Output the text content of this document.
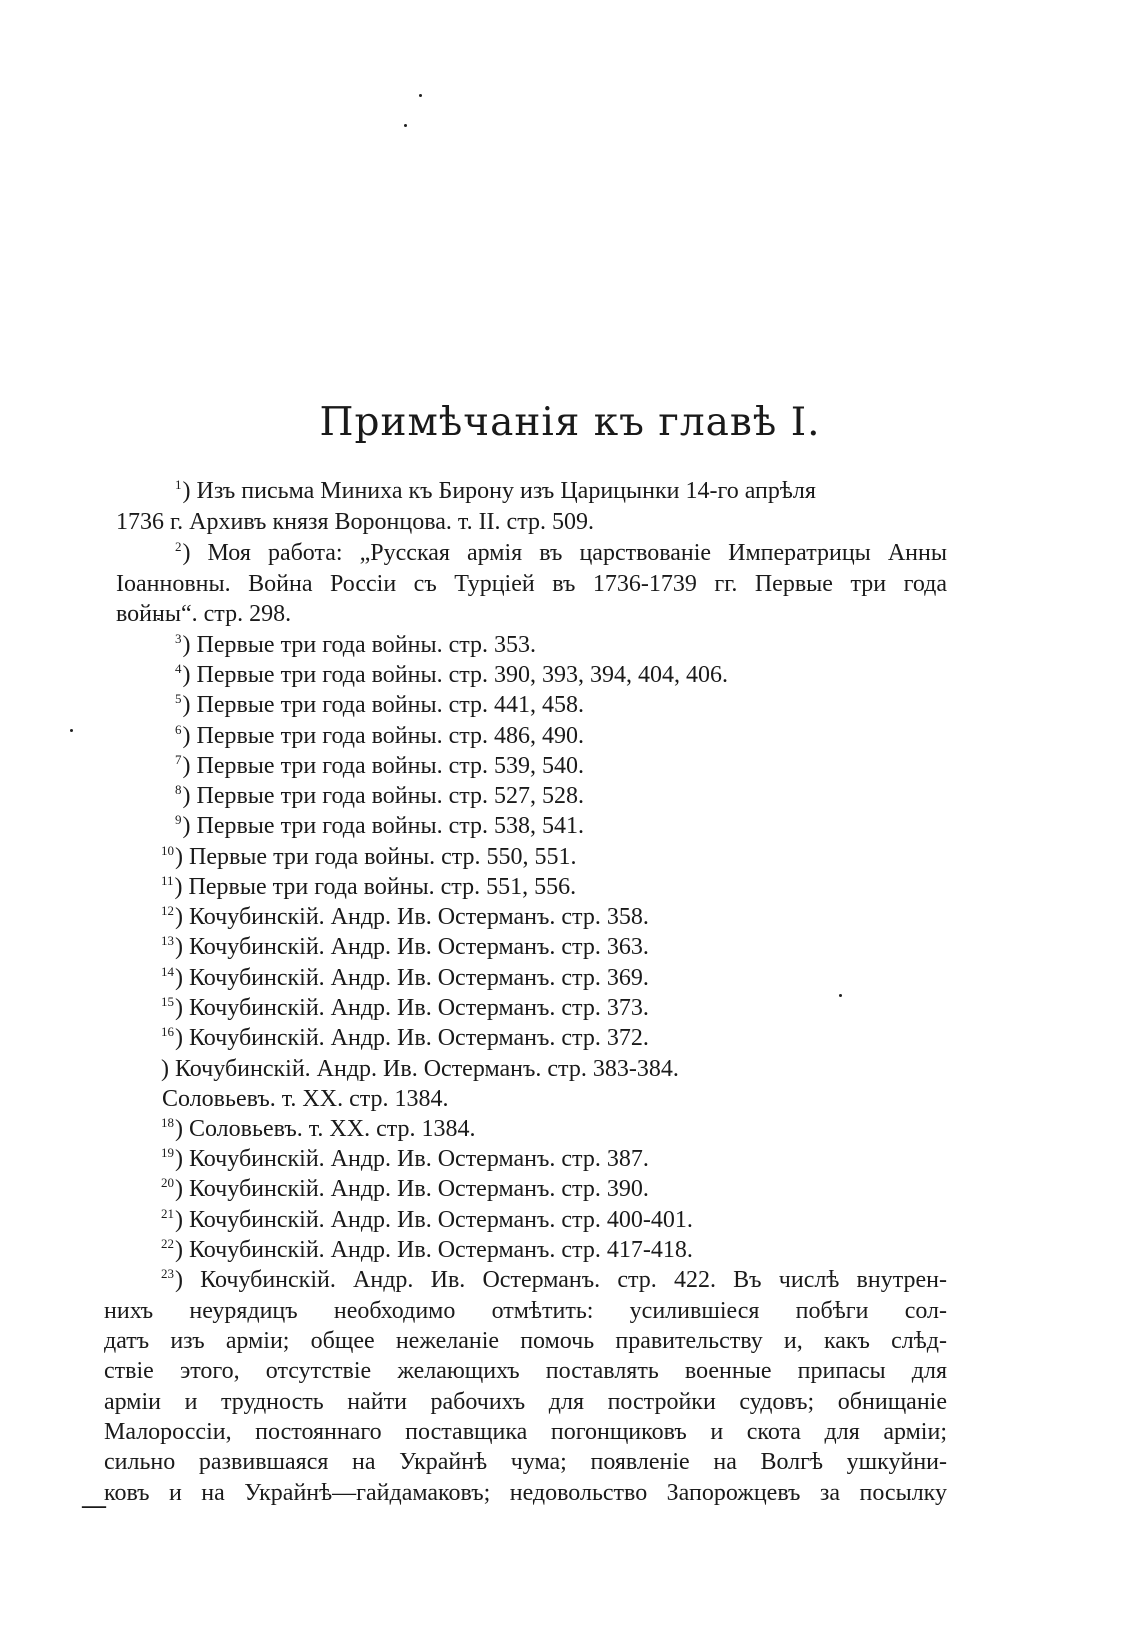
Примѣчанія къ главѣ I.
$^1$) Изъ письма Миниха къ Бирону изъ Царицынки 14-го апрѣля
1736 г. Архивъ князя Воронцова. т. II. стр. 509.
$^2$) Моя работа: „Русская армія въ царствованіе Императрицы Анны
Іоанновны. Война Россіи съ Турціей въ 1736-1739 гг. Первые три года
войны“. стр. 298.
$^3$) Первые три года войны. стр. 353.
$^4$) Первые три года войны. стр. 390, 393, 394, 404, 406.
$^5$) Первые три года войны. стр. 441, 458.
$^6$) Первые три года войны. стр. 486, 490.
$^7$) Первые три года войны. стр. 539, 540.
$^8$) Первые три года войны. стр. 527, 528.
$^9$) Первые три года войны. стр. 538, 541.
$^{10}$) Первые три года войны. стр. 550, 551.
$^{11}$) Первые три года войны. стр. 551, 556.
$^{12}$) Кочубинскій. Андр. Ив. Остерманъ. стр. 358.
$^{13}$) Кочубинскій. Андр. Ив. Остерманъ. стр. 363.
$^{14}$) Кочубинскій. Андр. Ив. Остерманъ. стр. 369.
$^{15}$) Кочубинскій. Андр. Ив. Остерманъ. стр. 373.
$^{16}$) Кочубинскій. Андр. Ив. Остерманъ. стр. 372.
) Кочубинскій. Андр. Ив. Остерманъ. стр. 383-384.
Соловьевъ. т. XX. стр. 1384.
$^{18}$) Соловьевъ. т. XX. стр. 1384.
$^{19}$) Кочубинскій. Андр. Ив. Остерманъ. стр. 387.
$^{20}$) Кочубинскій. Андр. Ив. Остерманъ. стр. 390.
$^{21}$) Кочубинскій. Андр. Ив. Остерманъ. стр. 400-401.
$^{22}$) Кочубинскій. Андр. Ив. Остерманъ. стр. 417-418.
$^{23}$) Кочубинскій. Андр. Ив. Остерманъ. стр. 422. Въ числѣ внутрен-
нихъ неурядицъ необходимо отмѣтить: усилившіеся побѣги сол-
датъ изъ арміи; общее нежеланіе помочь правительству и, какъ слѣд-
ствіе этого, отсутствіе желающихъ поставлять военные припасы для
арміи и трудность найти рабочихъ для постройки судовъ; обнищаніе
Малороссіи, постояннаго поставщика погонщиковъ и скота для арміи;
сильно развившаяся на Украйнѣ чума; появленіе на Волгѣ ушкуйни-
ковъ и на Украйнѣ—гайдамаковъ; недовольство Запорожцевъ за посылку
—
